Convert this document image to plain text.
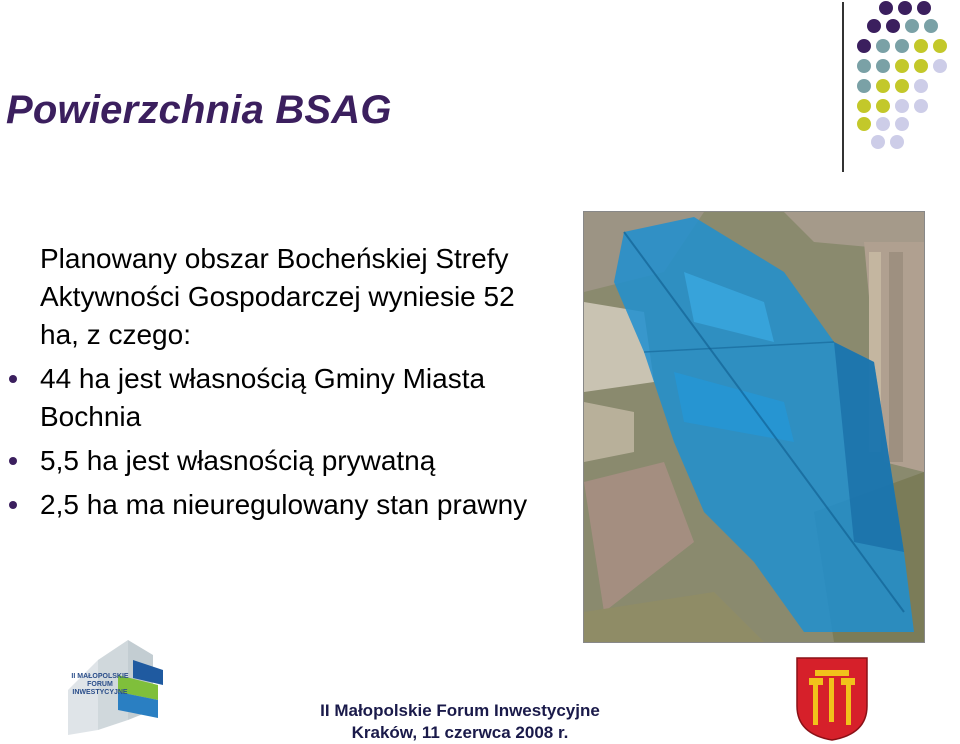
Powierzchnia BSAG

Planowany obszar Bocheńskiej Strefy Aktywności Gospodarczej wyniesie 52 ha, z czego:

44 ha jest własnością Gminy Miasta Bochnia

5,5 ha jest własnością prywatną

2,5 ha ma nieuregulowany stan prawny

II MAŁOPOLSKIE
FORUM
INWESTYCYJNE
II Małopolskie Forum Inwestycyjne
Kraków, 11 czerwca 2008 r.
